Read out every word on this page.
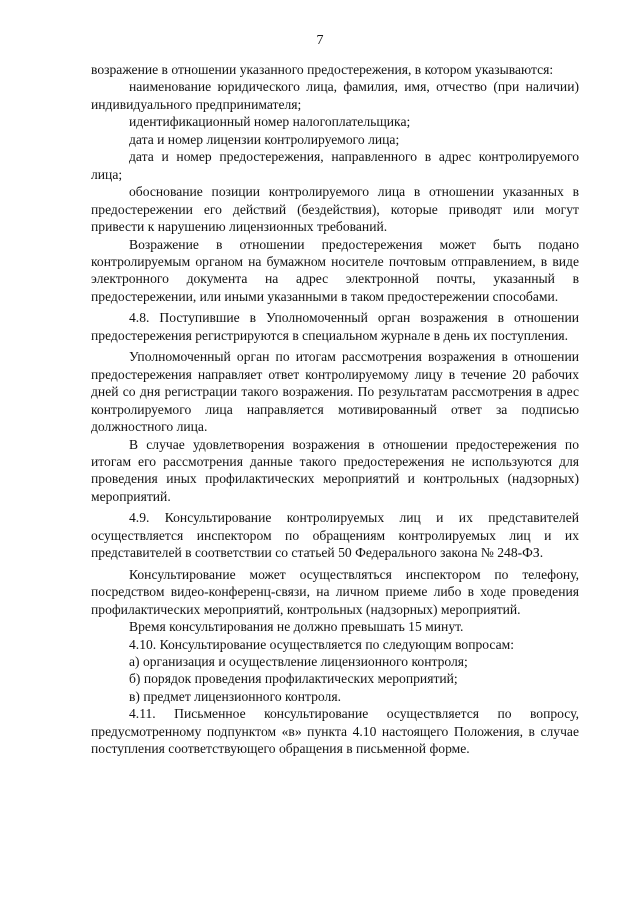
7

возражение в отношении указанного предостережения, в котором указываются:

наименование юридического лица, фамилия, имя, отчество (при наличии) индивидуального предпринимателя;

идентификационный номер налогоплательщика;

дата и номер лицензии контролируемого лица;

дата и номер предостережения, направленного в адрес контролируемого лица;

обоснование позиции контролируемого лица в отношении указанных в предостережении его действий (бездействия), которые приводят или могут привести к нарушению лицензионных требований.

Возражение в отношении предостережения может быть подано контролируемым органом на бумажном носителе почтовым отправлением, в виде электронного документа на адрес электронной почты, указанный в предостережении, или иными указанными в таком предостережении способами.

4.8. Поступившие в Уполномоченный орган возражения в отношении предостережения регистрируются в специальном журнале в день их поступления.

Уполномоченный орган по итогам рассмотрения возражения в отношении предостережения направляет ответ контролируемому лицу в течение 20 рабочих дней со дня регистрации такого возражения. По результатам рассмотрения в адрес контролируемого лица направляется мотивированный ответ за подписью должностного лица.

В случае удовлетворения возражения в отношении предостережения по итогам его рассмотрения данные такого предостережения не используются для проведения иных профилактических мероприятий и контрольных (надзорных) мероприятий.

4.9. Консультирование контролируемых лиц и их представителей осуществляется инспектором по обращениям контролируемых лиц и их представителей в соответствии со статьей 50 Федерального закона № 248-ФЗ.

Консультирование может осуществляться инспектором по телефону, посредством видео-конференц-связи, на личном приеме либо в ходе проведения профилактических мероприятий, контрольных (надзорных) мероприятий.

Время консультирования не должно превышать 15 минут.

4.10. Консультирование осуществляется по следующим вопросам:

а) организация и осуществление лицензионного контроля;

б) порядок проведения профилактических мероприятий;

в) предмет лицензионного контроля.

4.11. Письменное консультирование осуществляется по вопросу, предусмотренному подпунктом «в» пункта 4.10 настоящего Положения, в случае поступления соответствующего обращения в письменной форме.
